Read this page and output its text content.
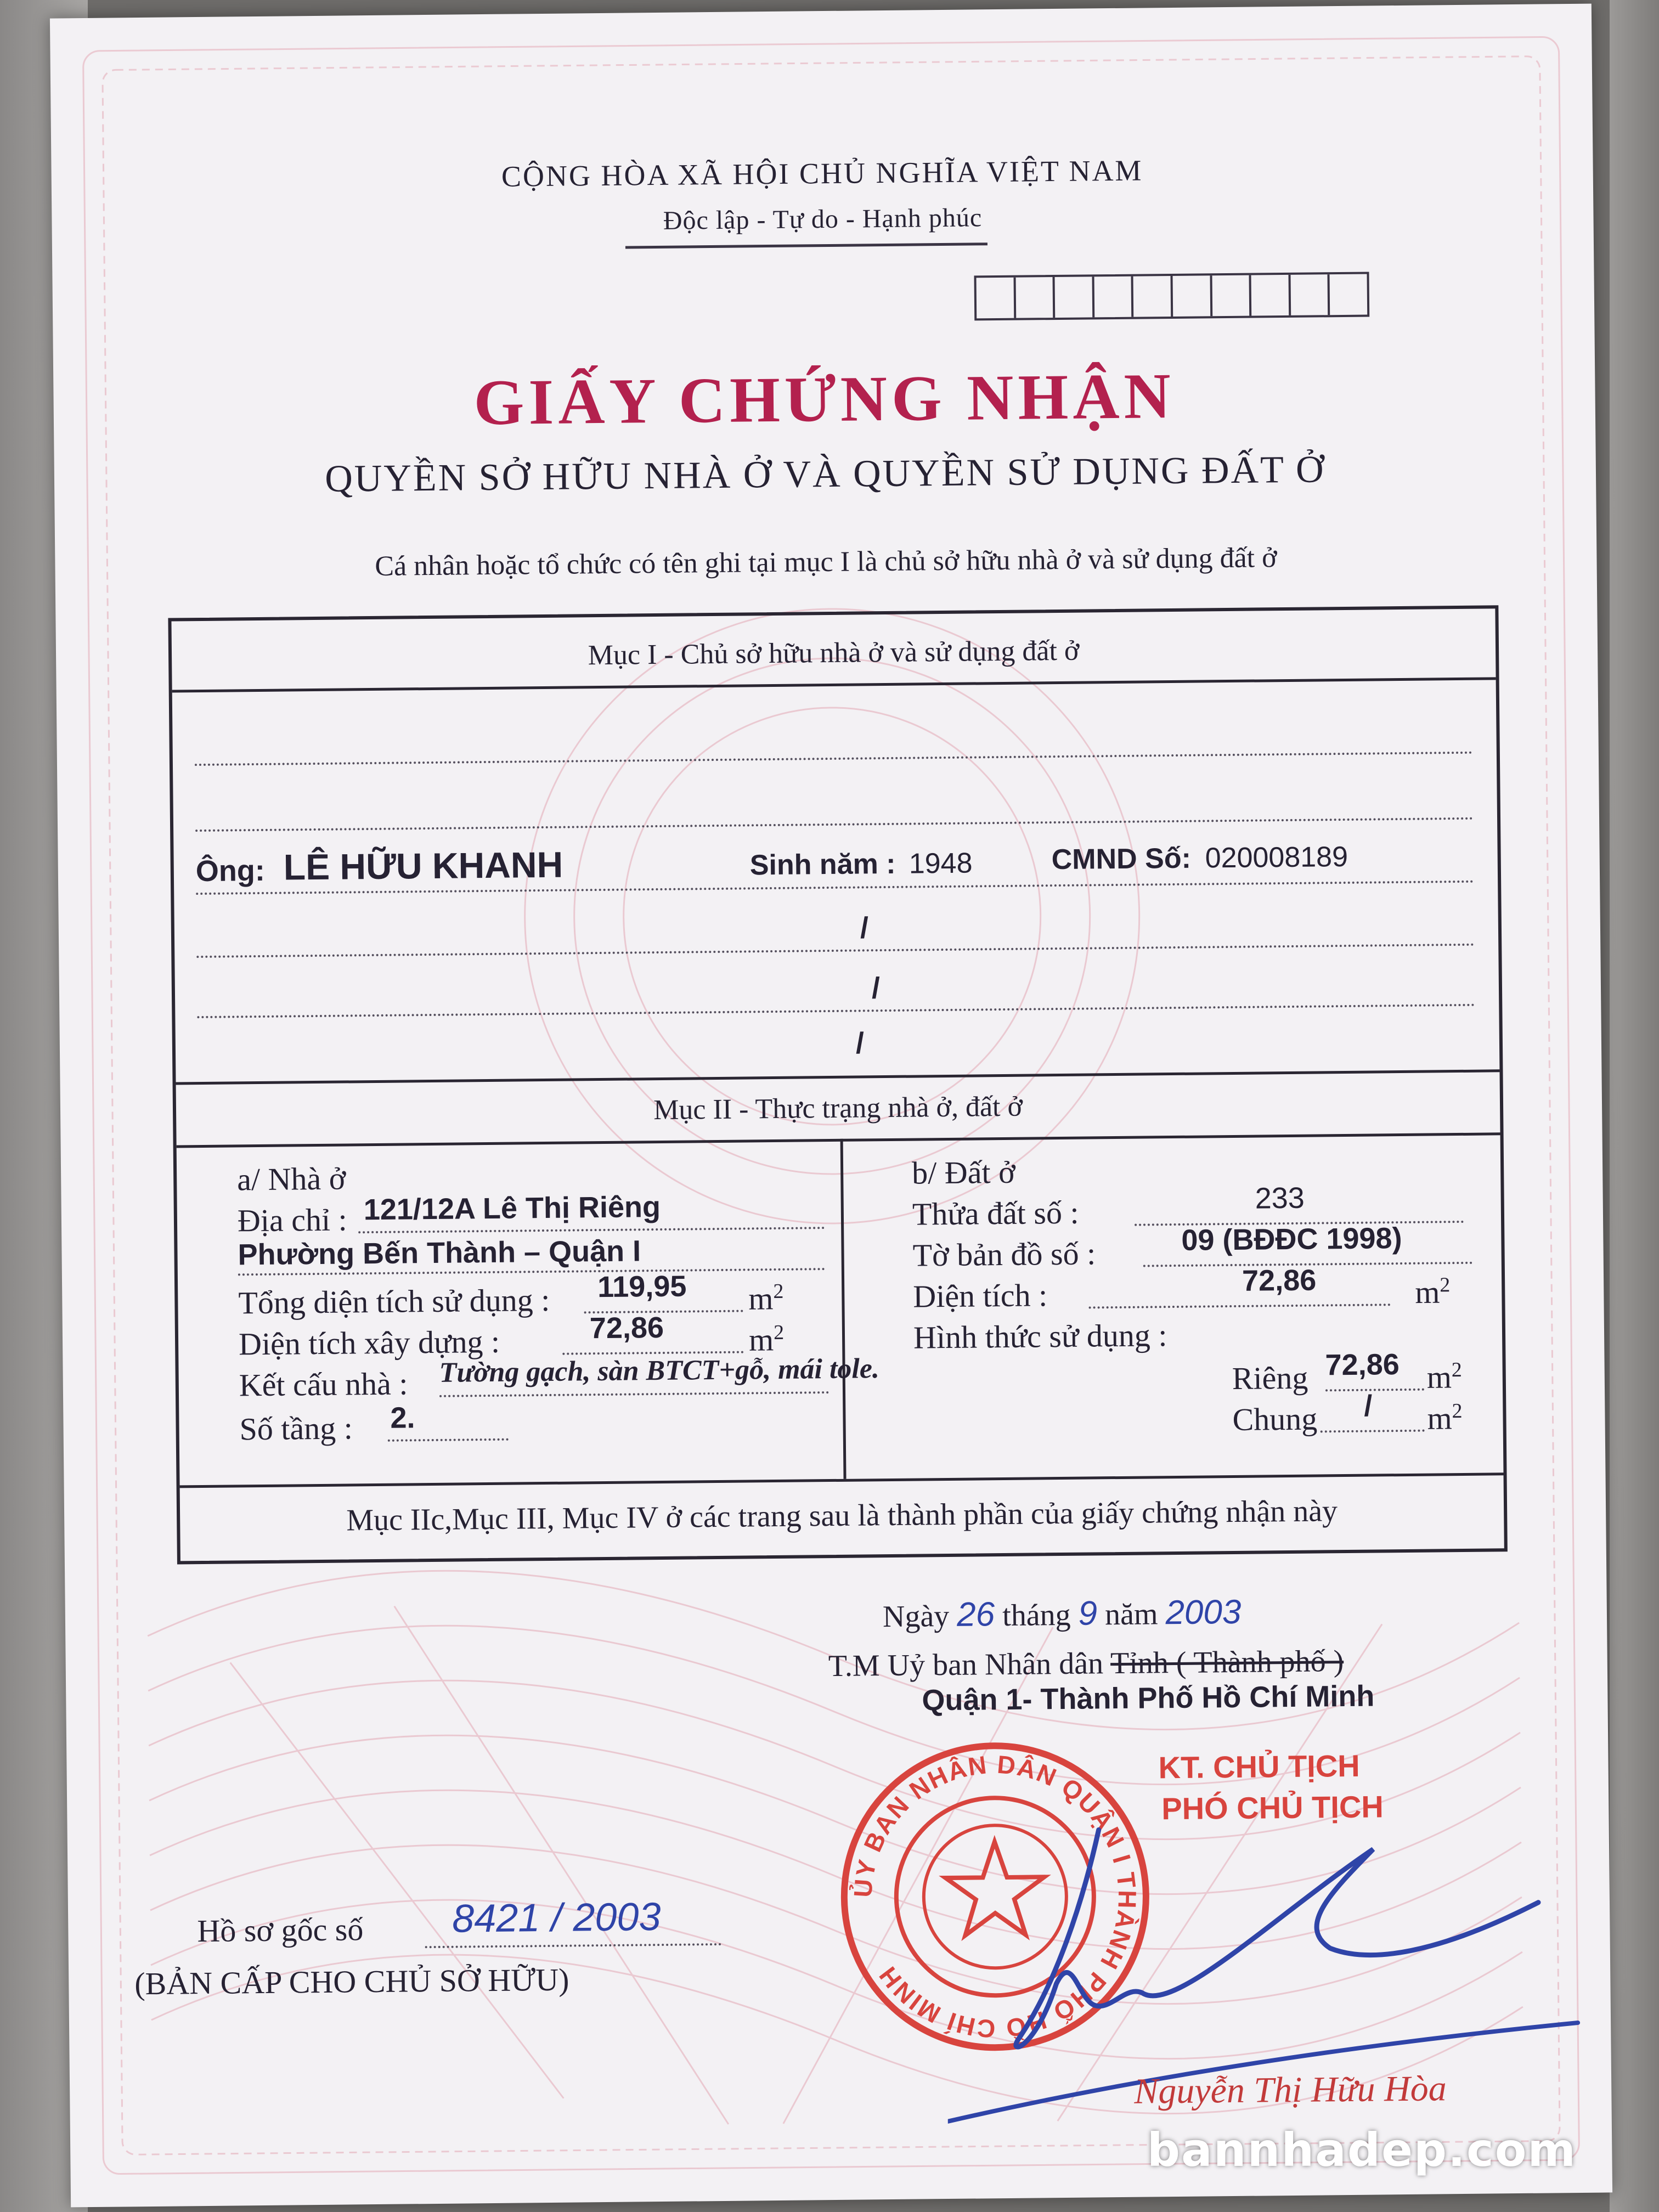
CỘNG HÒA XÃ HỘI CHỦ NGHĨA VIỆT NAM
Độc lập - Tự do - Hạnh phúc
GIẤY CHỨNG NHẬN
QUYỀN SỞ HỮU NHÀ Ở VÀ QUYỀN SỬ DỤNG ĐẤT Ở
Cá nhân hoặc tổ chức có tên ghi tại mục I là chủ sở hữu nhà ở và sử dụng đất ở
Mục I - Chủ sở hữu nhà ở và sử dụng đất ở
Ông: LÊ HỮU KHANH	Sinh năm : 1948	CMND Số: 020008189
/
/
/
Mục II - Thực trạng nhà ở, đất ở
a/ Nhà ở
Địa chỉ : 121/12A Lê Thị Riêng
Phường Bến Thành – Quận I
Tổng diện tích sử dụng : 119,95 $m^2$
Diện tích xây dựng :	72,86	$m^2$
Kết cấu nhà : Tường gạch, sàn BTCT+gỗ, mái tole.
Số tầng : 2.
b/ Đất ở
Thửa đất số :	233
Tờ bản đồ số :	09 (BĐĐC 1998)
Diện tích :	72,86	$m^2$
Hình thức sử dụng :
Riêng 72,86 $m^2$
Chung / $m^2$
Mục IIc,Mục III, Mục IV ở các trang sau là thành phần của giấy chứng nhận này
Ngày 26 tháng 9 năm 2003
T.M Uỷ ban Nhân dân Tỉnh ( Thành phố )
Quận 1- Thành Phố Hồ Chí Minh
KT. CHỦ TỊCH
PHÓ CHỦ TỊCH
ỦY BAN NHÂN DÂN QUẬN I THÀNH PHỐ HỒ CHÍ MINH
Nguyễn Thị Hữu Hòa
Hồ sơ gốc số 8421 / 2003
(BẢN CẤP CHO CHỦ SỞ HỮU)
bannhadep.com
